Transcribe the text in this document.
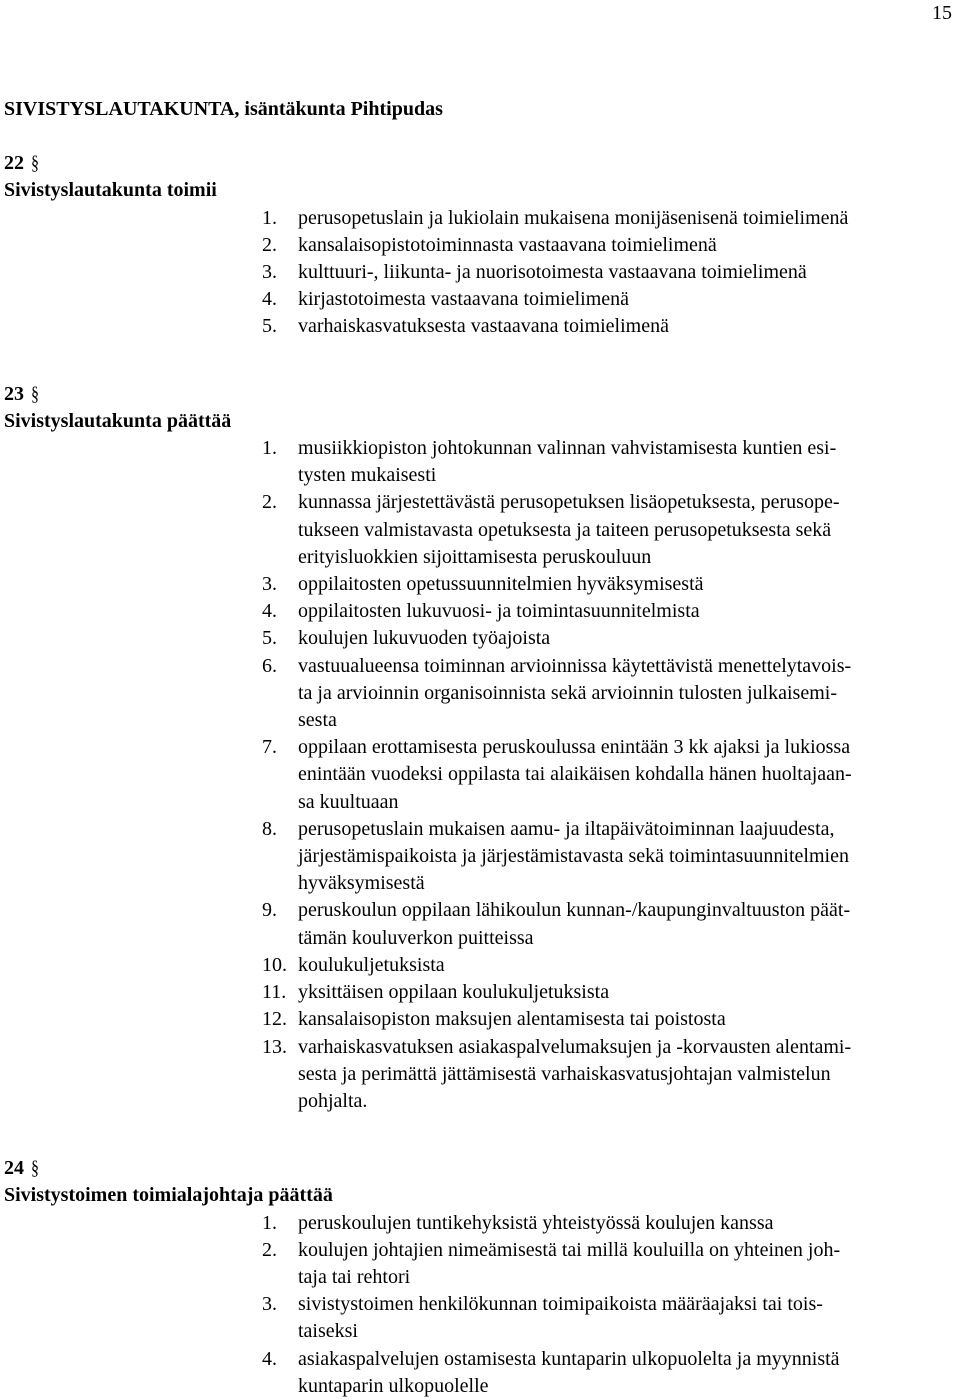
15

SIVISTYSLAUTAKUNTA, isäntäkunta Pihtipudas

22 §
Sivistyslautakunta toimii
1. perusopetuslain ja lukiolain mukaisena monijäsenisenä toimielimenä
2. kansalaisopistotoiminnasta vastaavana toimielimenä
3. kulttuuri-, liikunta- ja nuorisotoimesta vastaavana toimielimenä
4. kirjastotoimesta vastaavana toimielimenä
5. varhaiskasvatuksesta vastaavana toimielimenä
23 §
Sivistyslautakunta päättää
1. musiikkiopiston johtokunnan valinnan vahvistamisesta kuntien esi-
tysten mukaisesti
2. kunnassa järjestettävästä perusopetuksen lisäopetuksesta, perusope-
tukseen valmistavasta opetuksesta ja taiteen perusopetuksesta sekä
erityisluokkien sijoittamisesta peruskouluun
3. oppilaitosten opetussuunnitelmien hyväksymisestä
4. oppilaitosten lukuvuosi- ja toimintasuunnitelmista
5. koulujen lukuvuoden työajoista
6. vastuualueensa toiminnan arvioinnissa käytettävistä menettelytavois-
ta ja arvioinnin organisoinnista sekä arvioinnin tulosten julkaisemi-
sesta
7. oppilaan erottamisesta peruskoulussa enintään 3 kk ajaksi ja lukiossa
enintään vuodeksi oppilasta tai alaikäisen kohdalla hänen huoltajaan-
sa kuultuaan
8. perusopetuslain mukaisen aamu- ja iltapäivätoiminnan laajuudesta,
järjestämispaikoista ja järjestämistavasta sekä toimintasuunnitelmien
hyväksymisestä
9. peruskoulun oppilaan lähikoulun kunnan-/kaupunginvaltuuston päät-
tämän kouluverkon puitteissa
10. koulukuljetuksista
11. yksittäisen oppilaan koulukuljetuksista
12. kansalaisopiston maksujen alentamisesta tai poistosta
13. varhaiskasvatuksen asiakaspalvelumaksujen ja -korvausten alentami-
sesta ja perimättä jättämisestä varhaiskasvatusjohtajan valmistelun
pohjalta.
24 §
Sivistystoimen toimialajohtaja päättää
1. peruskoulujen tuntikehyksistä yhteistyössä koulujen kanssa
2. koulujen johtajien nimeämisestä tai millä kouluilla on yhteinen joh-
taja tai rehtori
3. sivistystoimen henkilökunnan toimipaikoista määräajaksi tai tois-
taiseksi
4. asiakaspalvelujen ostamisesta kuntaparin ulkopuolelta ja myynnistä
kuntaparin ulkopuolelle
